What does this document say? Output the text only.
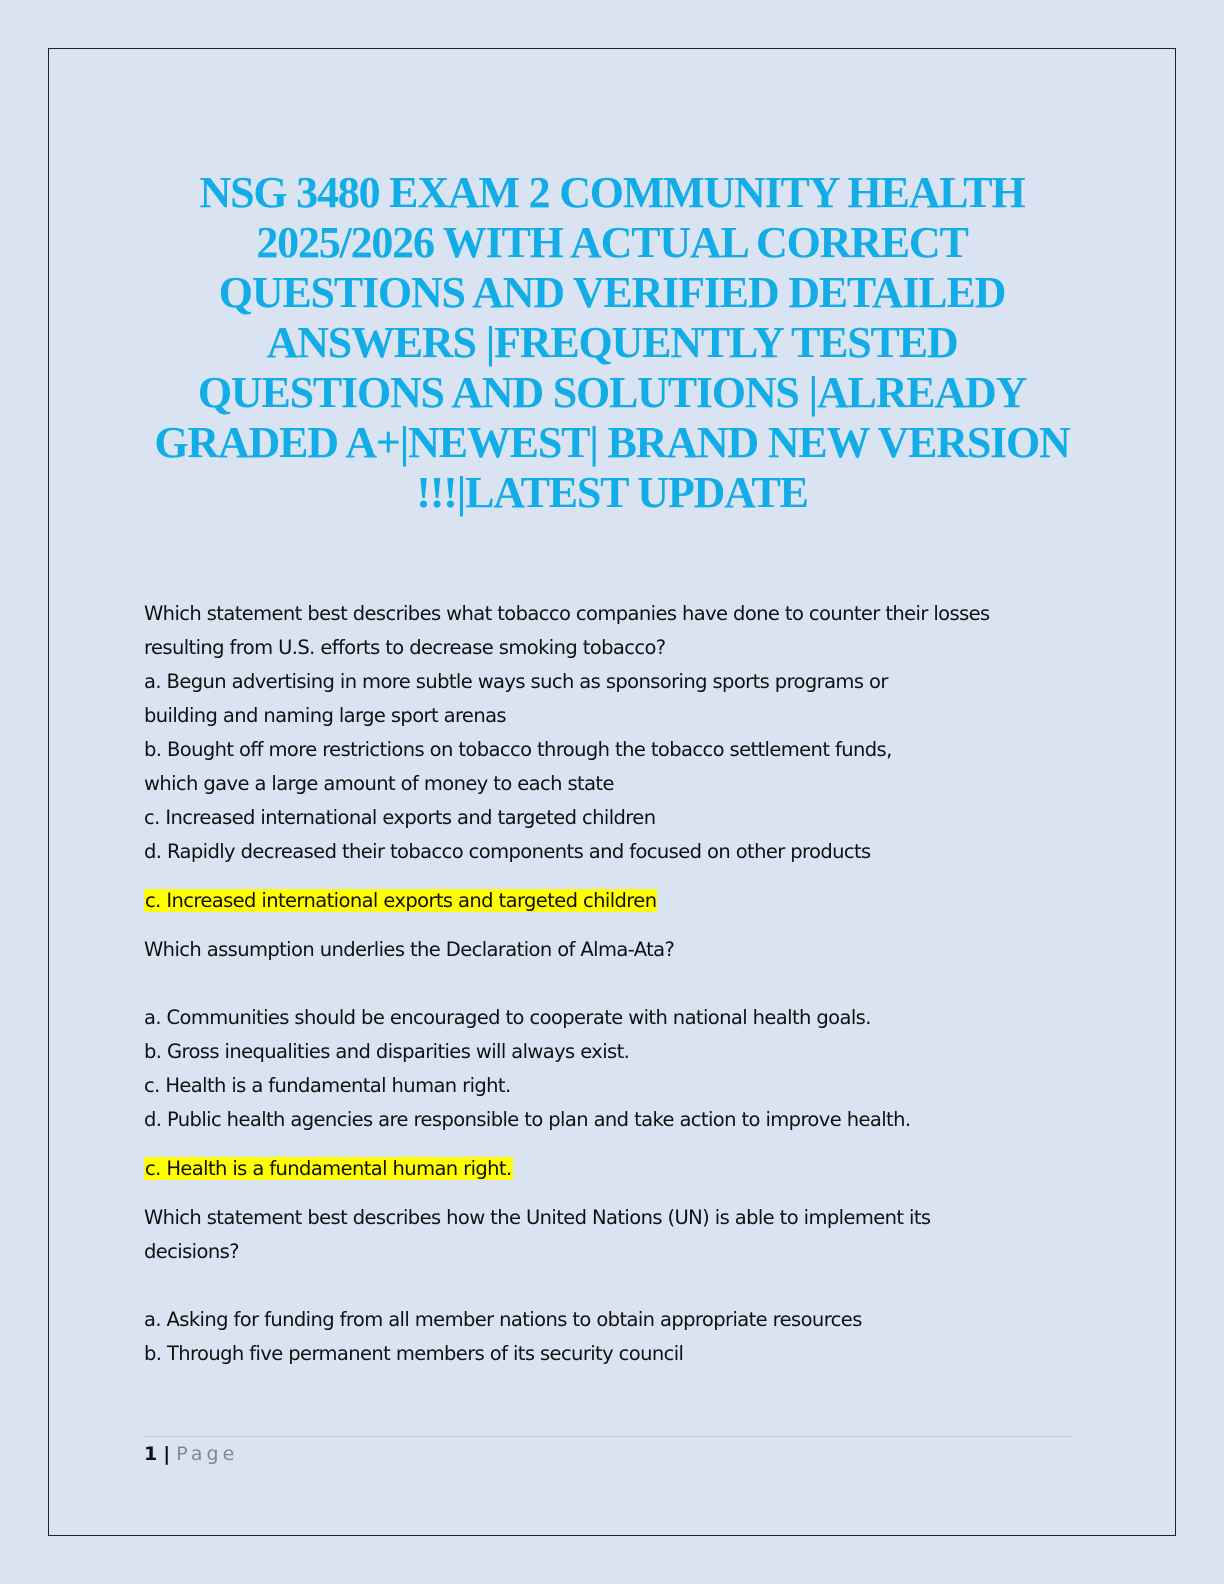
NSG 3480 EXAM 2 COMMUNITY HEALTH
2025/2026 WITH ACTUAL CORRECT
QUESTIONS AND VERIFIED DETAILED
ANSWERS |FREQUENTLY TESTED
QUESTIONS AND SOLUTIONS |ALREADY
GRADED A+|NEWEST| BRAND NEW VERSION
!!!|LATEST UPDATE
Which statement best describes what tobacco companies have done to counter their losses
resulting from U.S. efforts to decrease smoking tobacco?
a. Begun advertising in more subtle ways such as sponsoring sports programs or
building and naming large sport arenas
b. Bought off more restrictions on tobacco through the tobacco settlement funds,
which gave a large amount of money to each state
c. Increased international exports and targeted children
d. Rapidly decreased their tobacco components and focused on other products
c. Increased international exports and targeted children
Which assumption underlies the Declaration of Alma-Ata?
a. Communities should be encouraged to cooperate with national health goals.
b. Gross inequalities and disparities will always exist.
c. Health is a fundamental human right.
d. Public health agencies are responsible to plan and take action to improve health.
c. Health is a fundamental human right.
Which statement best describes how the United Nations (UN) is able to implement its
decisions?
a. Asking for funding from all member nations to obtain appropriate resources
b. Through five permanent members of its security council
1 | Page
